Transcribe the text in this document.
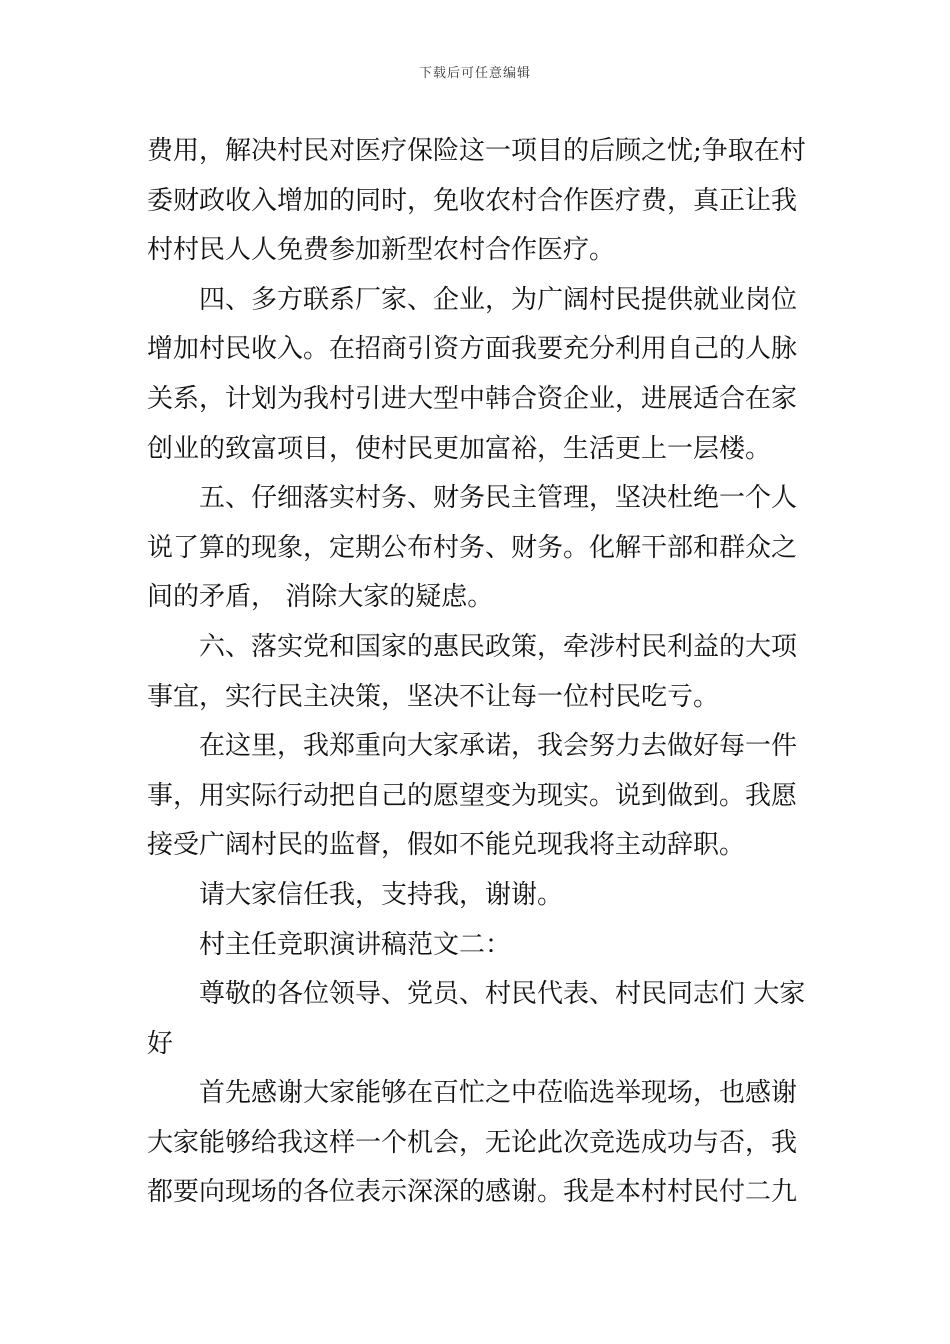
下载后可任意编辑
费用，解决村民对医疗保险这一项目的后顾之忧;争取在村
委财政收入增加的同时，免收农村合作医疗费，真正让我
村村民人人免费参加新型农村合作医疗。
四、多方联系厂家、企业，为广阔村民提供就业岗位
增加村民收入。在招商引资方面我要充分利用自己的人脉
关系，计划为我村引进大型中韩合资企业，进展适合在家
创业的致富项目，使村民更加富裕，生活更上一层楼。
五、仔细落实村务、财务民主管理，坚决杜绝一个人
说了算的现象，定期公布村务、财务。化解干部和群众之
间的矛盾， 消除大家的疑虑。
六、落实党和国家的惠民政策，牵涉村民利益的大项
事宜，实行民主决策，坚决不让每一位村民吃亏。
在这里，我郑重向大家承诺，我会努力去做好每一件
事，用实际行动把自己的愿望变为现实。说到做到。我愿
接受广阔村民的监督，假如不能兑现我将主动辞职。
请大家信任我，支持我，谢谢。
村主任竞职演讲稿范文二：
尊敬的各位领导、党员、村民代表、村民同志们 大家
好
首先感谢大家能够在百忙之中莅临选举现场，也感谢
大家能够给我这样一个机会，无论此次竞选成功与否，我
都要向现场的各位表示深深的感谢。我是本村村民付二九
